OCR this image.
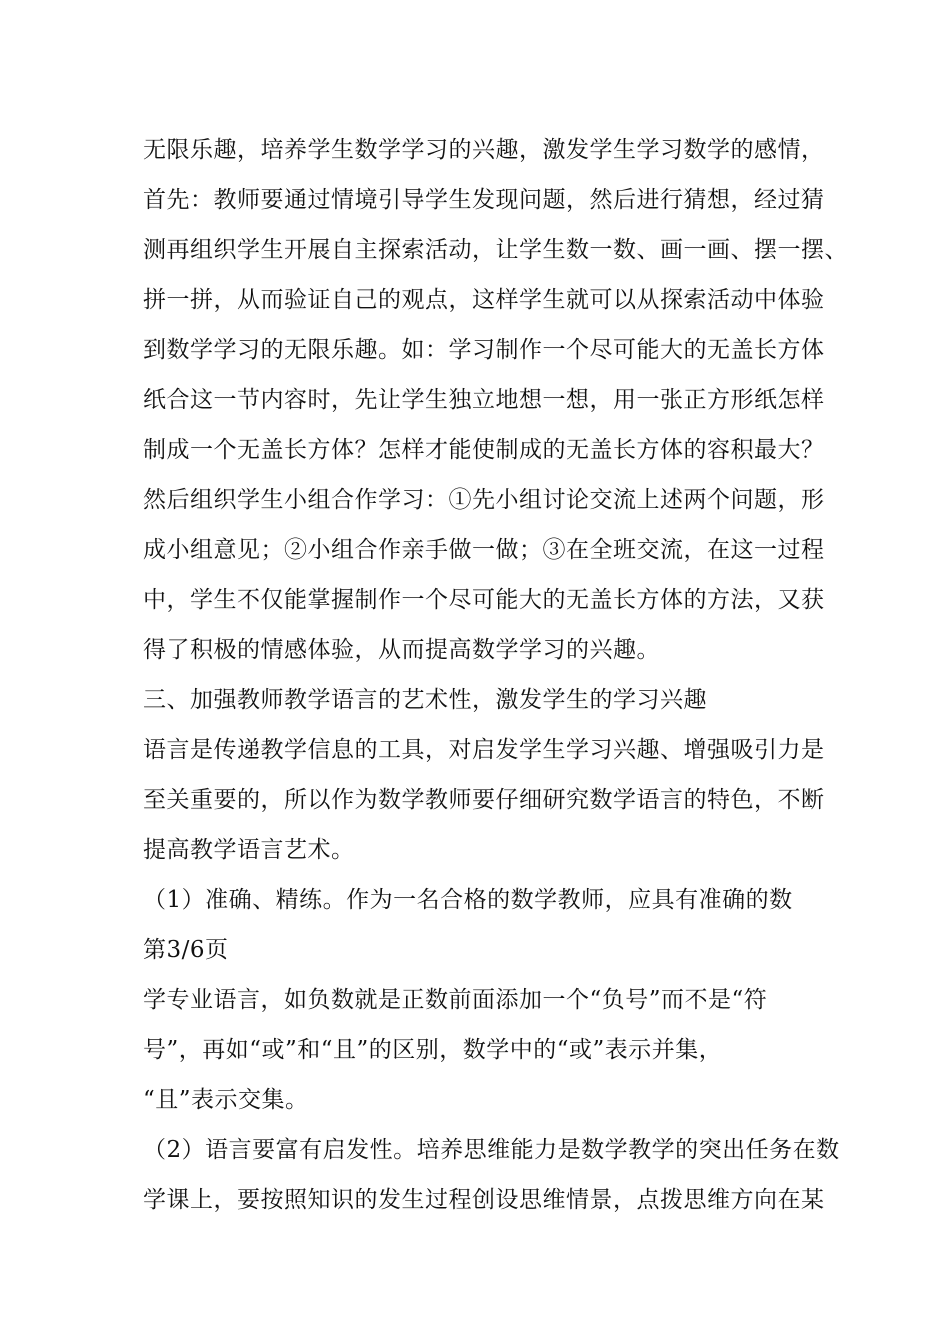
无限乐趣，培养学生数学学习的兴趣，激发学生学习数学的感情，
首先：教师要通过情境引导学生发现问题，然后进行猜想，经过猜
测再组织学生开展自主探索活动，让学生数一数、画一画、摆一摆、
拼一拼，从而验证自己的观点，这样学生就可以从探索活动中体验
到数学学习的无限乐趣。如：学习制作一个尽可能大的无盖长方体
纸合这一节内容时，先让学生独立地想一想，用一张正方形纸怎样
制成一个无盖长方体？怎样才能使制成的无盖长方体的容积最大？
然后组织学生小组合作学习：①先小组讨论交流上述两个问题，形
成小组意见；②小组合作亲手做一做；③在全班交流，在这一过程
中，学生不仅能掌握制作一个尽可能大的无盖长方体的方法，又获
得了积极的情感体验，从而提高数学学习的兴趣。
三、加强教师教学语言的艺术性，激发学生的学习兴趣
语言是传递教学信息的工具，对启发学生学习兴趣、增强吸引力是
至关重要的，所以作为数学教师要仔细研究数学语言的特色，不断
提高教学语言艺术。
（1）准确、精练。作为一名合格的数学教师，应具有准确的数
第3/6页
学专业语言，如负数就是正数前面添加一个“负号”而不是“符
号”，再如“或”和“且”的区别，数学中的“或”表示并集，
“且”表示交集。
（2）语言要富有启发性。培养思维能力是数学教学的突出任务在数
学课上，要按照知识的发生过程创设思维情景，点拨思维方向在某
